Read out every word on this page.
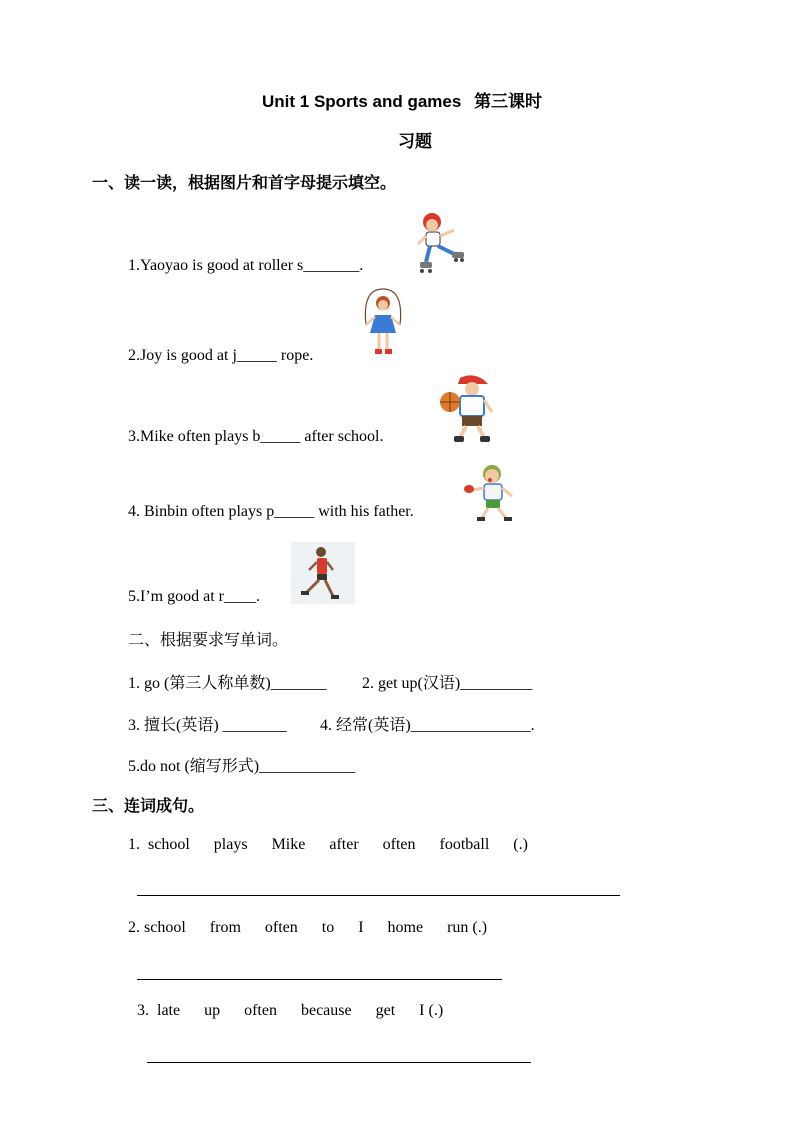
Unit 1 Sports and games 第三课时
习题
一、读一读，根据图片和首字母提示填空。
1.Yaoyao is good at roller s_______.
2.Joy is good at j_____ rope.
3.Mike often plays b_____ after school.
4. Binbin often plays p_____ with his father.
5.I’m good at r____.
二、根据要求写单词。
1. go (第三人称单数)_______ 2. get up(汉语)_________
3. 擅长(英语) ________ 4. 经常(英语)_______________.
5.do not (缩写形式)____________
三、连词成句。
1. school plays Mike after often football (.)
2. school from often to I home run (.)
3. late up often because get I (.)
